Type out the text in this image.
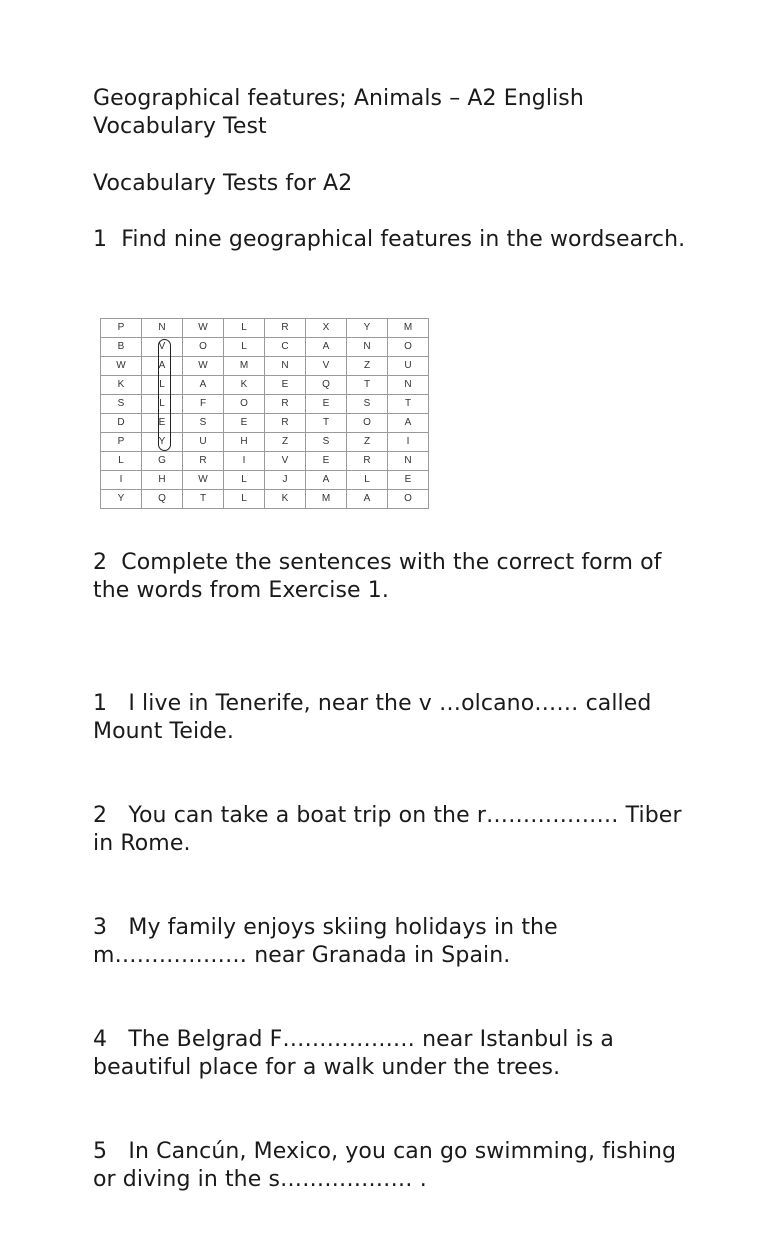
Geographical features; Animals – A2 English Vocabulary Test

Vocabulary Tests for A2

1  Find nine geographical features in the wordsearch.

P	N	W	L	R	X	Y	M
B	V	O	L	C	A	N	O
W	A	W	M	N	V	Z	U
K	L	A	K	E	Q	T	N
S	L	F	O	R	E	S	T
D	E	S	E	R	T	O	A
P	Y	U	H	Z	S	Z	I
L	G	R	I	V	E	R	N
I	H	W	L	J	A	L	E
Y	Q	T	L	K	M	A	O

2  Complete the sentences with the correct form of the words from Exercise 1.

1   I live in Tenerife, near the v …olcano…… called Mount Teide.

2   You can take a boat trip on the r……………… Tiber in Rome.

3   My family enjoys skiing holidays in the m……………… near Granada in Spain.

4   The Belgrad F……………… near Istanbul is a beautiful place for a walk under the trees.

5   In Cancún, Mexico, you can go swimming, fishing or diving in the s……………… .
